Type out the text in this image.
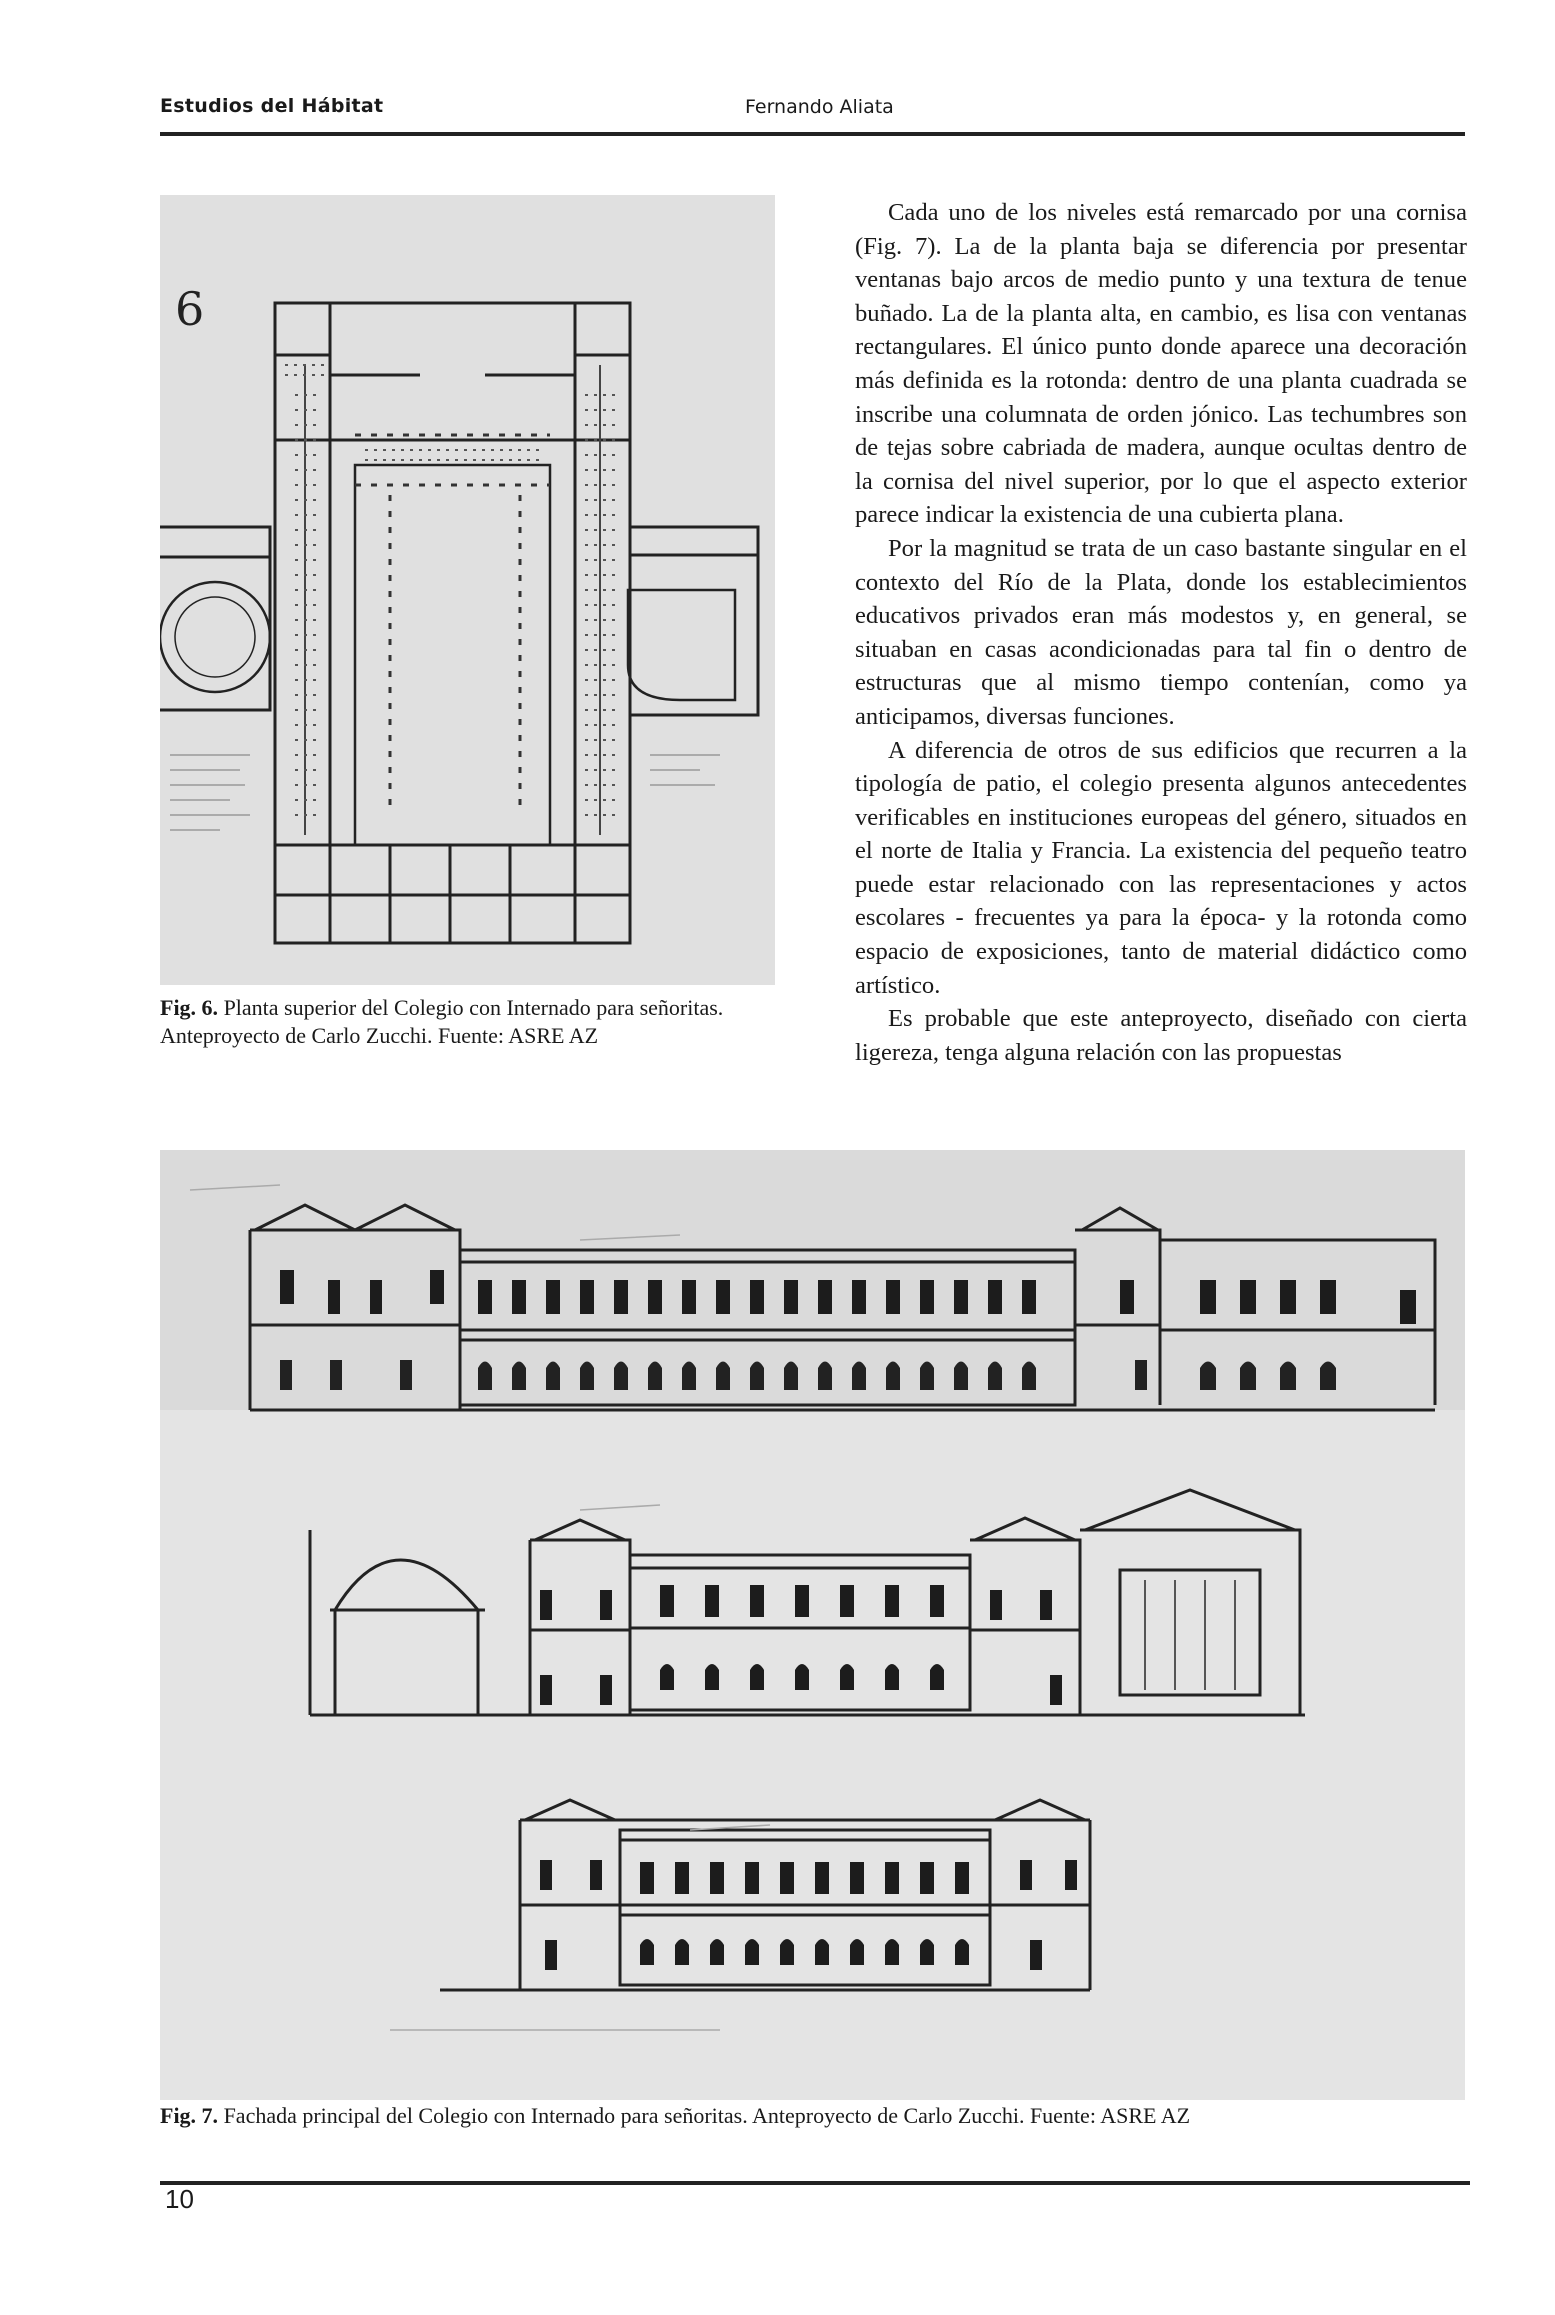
Estudios del Hábitat	Fernando Aliata
6
Fig. 6. Planta superior del Colegio con Internado para señoritas. Anteproyecto de Carlo Zucchi. Fuente: ASRE AZ

Cada uno de los niveles está remarcado por una cornisa (Fig. 7). La de la planta baja se diferencia por presentar ventanas bajo arcos de medio punto y una textura de tenue buñado. La de la planta alta, en cambio, es lisa con ventanas rectangulares. El único punto donde aparece una decoración más definida es la rotonda: dentro de una planta cuadrada se inscribe una columnata de orden jónico. Las techumbres son de tejas sobre cabriada de madera, aunque ocultas dentro de la cornisa del nivel superior, por lo que el aspecto exterior parece indicar la existencia de una cubierta plana.

Por la magnitud se trata de un caso bastante singular en el contexto del Río de la Plata, donde los establecimientos educativos privados eran más modestos y, en general, se situaban en casas acondicionadas para tal fin o dentro de estructuras que al mismo tiempo contenían, como ya anticipamos, diversas funciones.

A diferencia de otros de sus edificios que recurren a la tipología de patio, el colegio presenta algunos antecedentes verificables en instituciones europeas del género, situados en el norte de Italia y Francia. La existencia del pequeño teatro puede estar relacionado con las representaciones y actos escolares - frecuentes ya para la época- y la rotonda como espacio de exposiciones, tanto de material didáctico como artístico.

Es probable que este anteproyecto, diseñado con cierta ligereza, tenga alguna relación con las propuestas

Fig. 7. Fachada principal del Colegio con Internado para señoritas. Anteproyecto de Carlo Zucchi. Fuente: ASRE AZ
10
